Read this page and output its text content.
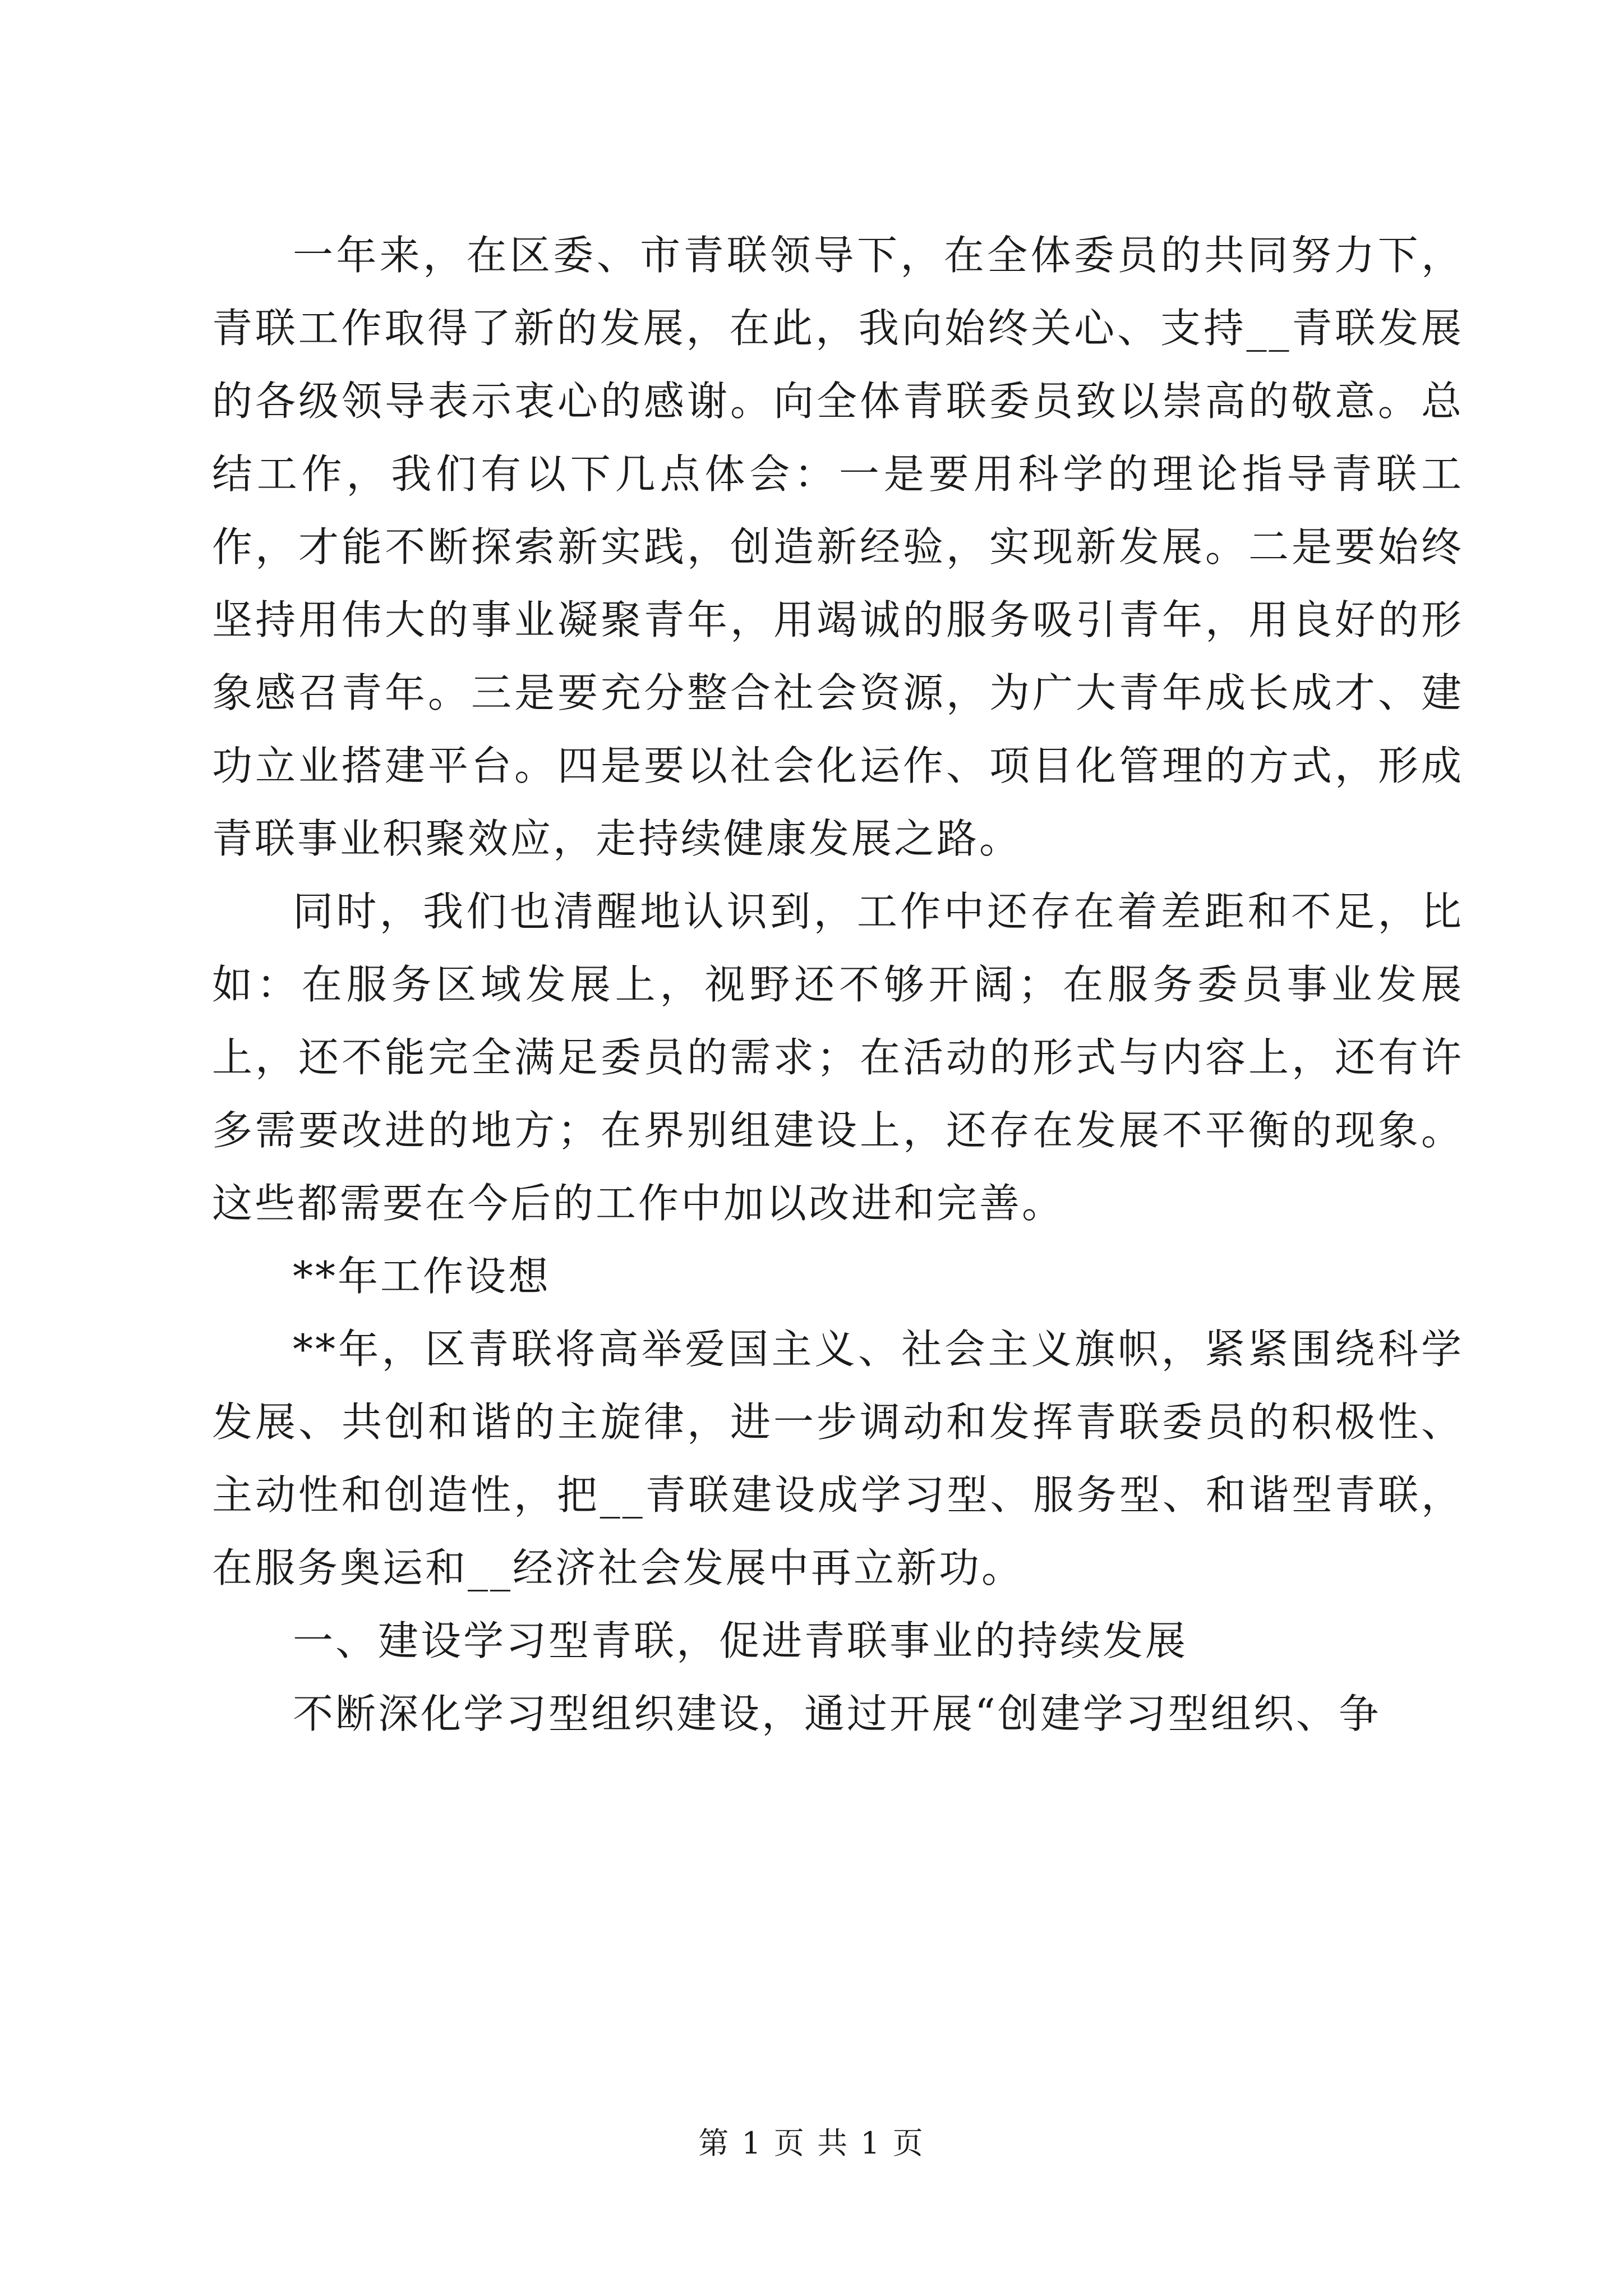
一年来，在区委、市青联领导下，在全体委员的共同努力下，青联工作取得了新的发展，在此，我向始终关心、支持__青联发展的各级领导表示衷心的感谢。向全体青联委员致以崇高的敬意。总结工作，我们有以下几点体会：一是要用科学的理论指导青联工作，才能不断探索新实践，创造新经验，实现新发展。二是要始终坚持用伟大的事业凝聚青年，用竭诚的服务吸引青年，用良好的形象感召青年。三是要充分整合社会资源，为广大青年成长成才、建功立业搭建平台。四是要以社会化运作、项目化管理的方式，形成青联事业积聚效应，走持续健康发展之路。

同时，我们也清醒地认识到，工作中还存在着差距和不足，比如：在服务区域发展上，视野还不够开阔；在服务委员事业发展上，还不能完全满足委员的需求；在活动的形式与内容上，还有许多需要改进的地方；在界别组建设上，还存在发展不平衡的现象。这些都需要在今后的工作中加以改进和完善。

**年工作设想

**年，区青联将高举爱国主义、社会主义旗帜，紧紧围绕科学发展、共创和谐的主旋律，进一步调动和发挥青联委员的积极性、主动性和创造性，把__青联建设成学习型、服务型、和谐型青联，在服务奥运和__经济社会发展中再立新功。

一、建设学习型青联，促进青联事业的持续发展

不断深化学习型组织建设，通过开展“创建学习型组织、争

第 1 页 共 1 页
